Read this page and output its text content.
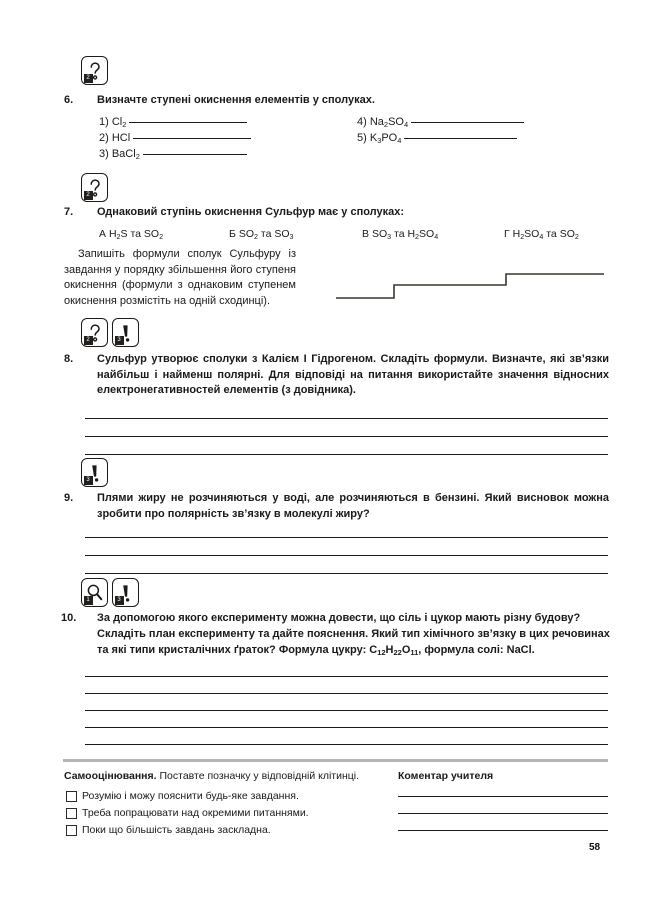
2
6. Визначте ступені окиснення елементів у сполуках.
1) $Cl_2$
2) HCl
3) BaCl$_2$
4) $Na_2SO_4$
5) $K_3PO_4$
2
7. Однаковий ступінь окиснення Сульфур має у сполуках:
А $H_2S$ та $SO_2$	Б $SO_2$ та $SO_3$	В $SO_3$ та $H_2SO_4$	Г $H_2SO_4$ та $SO_2$
Запишіть формули сполук Сульфуру із завдання у порядку збільшення його ступеня окиснення (формули з однаковим ступенем окиснення розмістіть на одній сходинці).
2	3
8. Сульфур утворює сполуки з Калієм І Гідрогеном. Складіть формули. Визначте, які зв’язки найбільш і найменш полярні. Для відповіді на питання використайте значення відносних електронегативностей елементів (з довідника).
3
9. Плями жиру не розчиняються у воді, але розчиняються в бензині. Який висновок можна зробити про полярність зв’язку в молекулі жиру?
1	3
10. За допомогою якого експерименту можна довести, що сіль і цукор мають різну будову?
Складіть план експерименту та дайте пояснення. Який тип хімічного зв’язку в цих речовинах
та які типи кристалічних ґраток? Формула цукру: $C_{12}H_{22}O_{11}$, формула солі: NaCl.
Самооцінювання. Поставте позначку у відповідній клітинці.	Коментар учителя
Розумію і можу пояснити будь-яке завдання.
Треба попрацювати над окремими питаннями.
Поки що більшість завдань заскладна.
58
